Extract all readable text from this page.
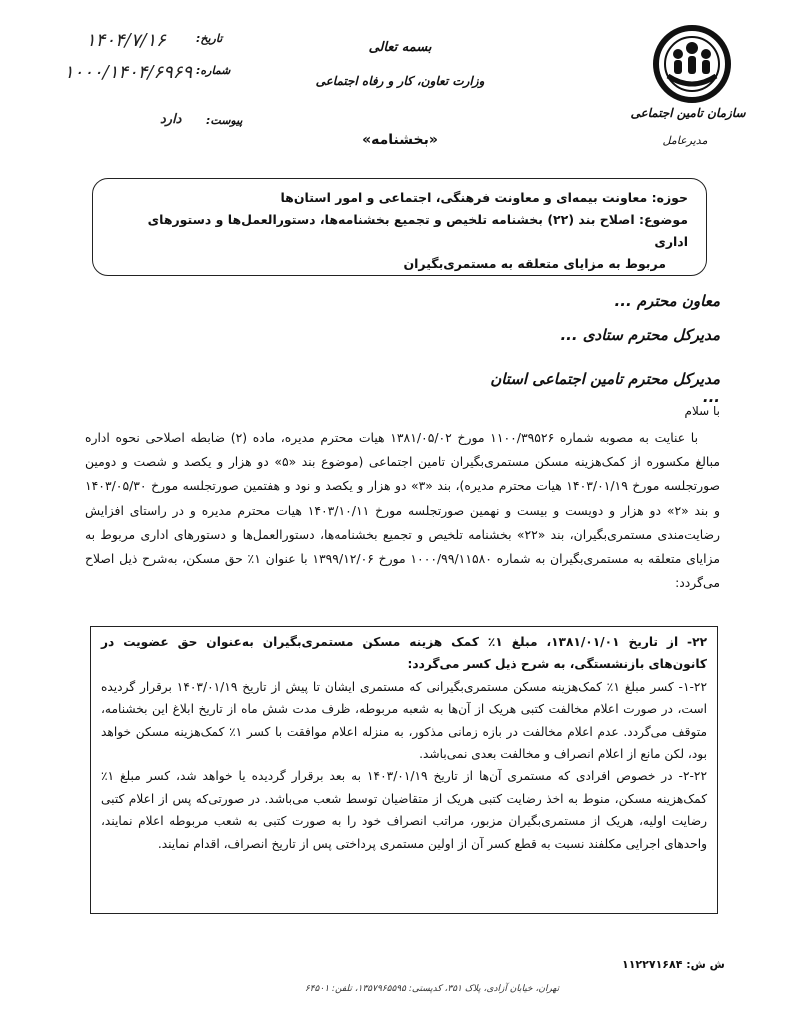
سازمان تامین اجتماعی
مدیرعامل
بسمه تعالی
وزارت تعاون، کار و رفاه اجتماعی
«بخشنامه»
تاریخ:
۱۴۰۴/۷/۱۶
شماره:
۱۰۰۰/۱۴۰۴/۶۹۶۹
پیوست:
دارد
حوزه: معاونت بیمه‌ای و معاونت فرهنگی، اجتماعی و امور استان‌ها
موضوع: اصلاح بند (۲۲) بخشنامه تلخیص و تجمیع بخشنامه‌ها، دستورالعمل‌ها و دستورهای اداری
مربوط به مزایای متعلقه به مستمری‌بگیران
معاون محترم ...
مدیرکل محترم ستادی ...
مدیرکل محترم تامین اجتماعی استان ...
با سلام

با عنایت به مصوبه شماره ۱۱۰۰/۳۹۵۲۶ مورخ ۱۳۸۱/۰۵/۰۲ هیات محترم مدیره، ماده (۲) ضابطه اصلاحی نحوه اداره مبالغ مکسوره از کمک‌هزینه مسکن مستمری‌بگیران تامین اجتماعی (موضوع بند «۵» دو هزار و یکصد و شصت و دومین صورتجلسه مورخ ۱۴۰۳/۰۱/۱۹ هیات محترم مدیره)، بند «۳» دو هزار و یکصد و نود و هفتمین صورتجلسه مورخ ۱۴۰۳/۰۵/۳۰ و بند «۲» دو هزار و دویست و بیست و نهمین صورتجلسه مورخ ۱۴۰۳/۱۰/۱۱ هیات محترم مدیره و در راستای افزایش رضایت‌مندی مستمری‌بگیران، بند «۲۲» بخشنامه تلخیص و تجمیع بخشنامه‌ها، دستورالعمل‌ها و دستورهای اداری مربوط به مزایای متعلقه به مستمری‌بگیران به شماره ۱۰۰۰/۹۹/۱۱۵۸۰ مورخ ۱۳۹۹/۱۲/۰۶ با عنوان ۱٪ حق مسکن، به‌شرح ذیل اصلاح می‌گردد:

۲۲- از تاریخ ۱۳۸۱/۰۱/۰۱، مبلغ ۱٪ کمک هزینه مسکن مستمری‌بگیران به‌عنوان حق عضویت در کانون‌های بازنشستگی، به شرح ذیل کسر می‌گردد:

۱-۲۲- کسر مبلغ ۱٪ کمک‌هزینه مسکن مستمری‌بگیرانی که مستمری ایشان تا پیش از تاریخ ۱۴۰۳/۰۱/۱۹ برقرار گردیده است، در صورت اعلام مخالفت کتبی هریک از آن‌ها به شعبه مربوطه، ظرف مدت شش ماه از تاریخ ابلاغ این بخشنامه، متوقف می‌گردد. عدم اعلام مخالفت در بازه زمانی مذکور، به منزله اعلام موافقت با کسر ۱٪ کمک‌هزینه مسکن خواهد بود، لکن مانع از اعلام انصراف و مخالفت بعدی نمی‌باشد.

۲-۲۲- در خصوص افرادی که مستمری آن‌ها از تاریخ ۱۴۰۳/۰۱/۱۹ به بعد برقرار گردیده یا خواهد شد، کسر مبلغ ۱٪ کمک‌هزینه مسکن، منوط به اخذ رضایت کتبی هریک از متقاضیان توسط شعب می‌باشد. در صورتی‌که پس از اعلام کتبی رضایت اولیه، هریک از مستمری‌بگیران مزبور، مراتب انصراف خود را به صورت کتبی به شعب مربوطه اعلام نمایند، واحدهای اجرایی مکلفند نسبت به قطع کسر آن از اولین مستمری پرداختی پس از تاریخ انصراف، اقدام نمایند.

ش ش: ۱۱۲۲۷۱۶۸۴
تهران، خیابان آزادی، پلاک ۳۵۱، کدپستی: ۱۳۵۷۹۶۵۵۹۵، تلفن: ۶۴۵۰۱
